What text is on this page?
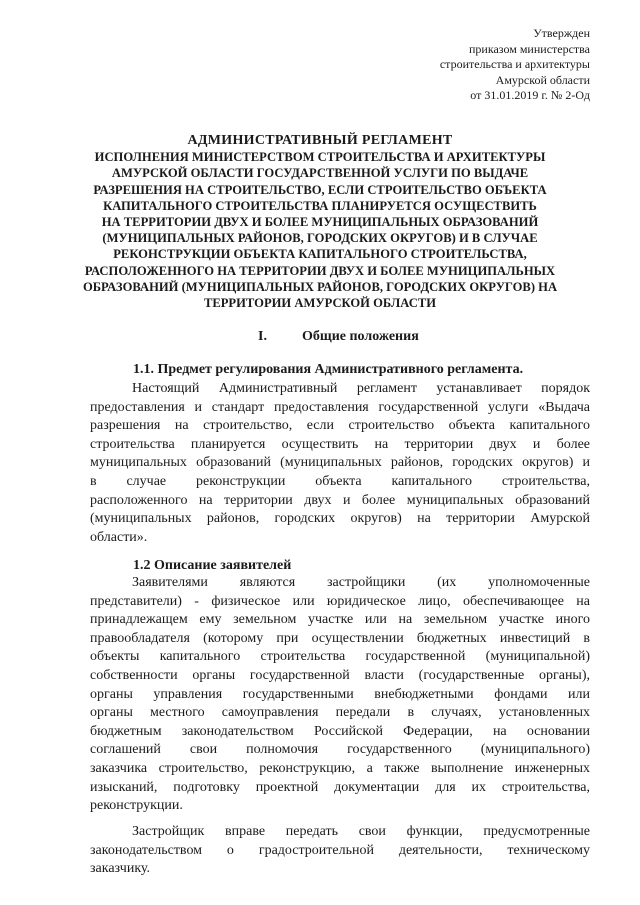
Утвержден
приказом министерства
строительства и архитектуры
Амурской области
от 31.01.2019 г. № 2-Од
АДМИНИСТРАТИВНЫЙ РЕГЛАМЕНТ
ИСПОЛНЕНИЯ МИНИСТЕРСТВОМ СТРОИТЕЛЬСТВА И АРХИТЕКТУРЫ
АМУРСКОЙ ОБЛАСТИ ГОСУДАРСТВЕННОЙ УСЛУГИ ПО ВЫДАЧЕ
РАЗРЕШЕНИЯ НА СТРОИТЕЛЬСТВО, ЕСЛИ СТРОИТЕЛЬСТВО ОБЪЕКТА
КАПИТАЛЬНОГО СТРОИТЕЛЬСТВА ПЛАНИРУЕТСЯ ОСУЩЕСТВИТЬ
НА ТЕРРИТОРИИ ДВУХ И БОЛЕЕ МУНИЦИПАЛЬНЫХ ОБРАЗОВАНИЙ
(МУНИЦИПАЛЬНЫХ РАЙОНОВ, ГОРОДСКИХ ОКРУГОВ) И В СЛУЧАЕ
РЕКОНСТРУКЦИИ ОБЪЕКТА КАПИТАЛЬНОГО СТРОИТЕЛЬСТВА,
РАСПОЛОЖЕННОГО НА ТЕРРИТОРИИ ДВУХ И БОЛЕЕ МУНИЦИПАЛЬНЫХ
ОБРАЗОВАНИЙ (МУНИЦИПАЛЬНЫХ РАЙОНОВ, ГОРОДСКИХ ОКРУГОВ) НА
ТЕРРИТОРИИ АМУРСКОЙ ОБЛАСТИ
I.	Общие положения
1.1. Предмет регулирования Административного регламента.
Настоящий Административный регламент устанавливает порядок
предоставления и стандарт предоставления государственной услуги «Выдача
разрешения на строительство, если строительство объекта капитального
строительства планируется осуществить на территории двух и более
муниципальных образований (муниципальных районов, городских округов) и
в случае реконструкции объекта капитального строительства,
расположенного на территории двух и более муниципальных образований
(муниципальных районов, городских округов) на территории Амурской
области».
1.2 Описание заявителей
Заявителями являются застройщики (их уполномоченные
представители) - физическое или юридическое лицо, обеспечивающее на
принадлежащем ему земельном участке или на земельном участке иного
правообладателя (которому при осуществлении бюджетных инвестиций в
объекты капитального строительства государственной (муниципальной)
собственности органы государственной власти (государственные органы),
органы управления государственными внебюджетными фондами или
органы местного самоуправления передали в случаях, установленных
бюджетным законодательством Российской Федерации, на основании
соглашений свои полномочия государственного (муниципального)
заказчика строительство, реконструкцию, а также выполнение инженерных
изысканий, подготовку проектной документации для их строительства,
реконструкции.
Застройщик вправе передать свои функции, предусмотренные
законодательством о градостроительной деятельности, техническому
заказчику.
